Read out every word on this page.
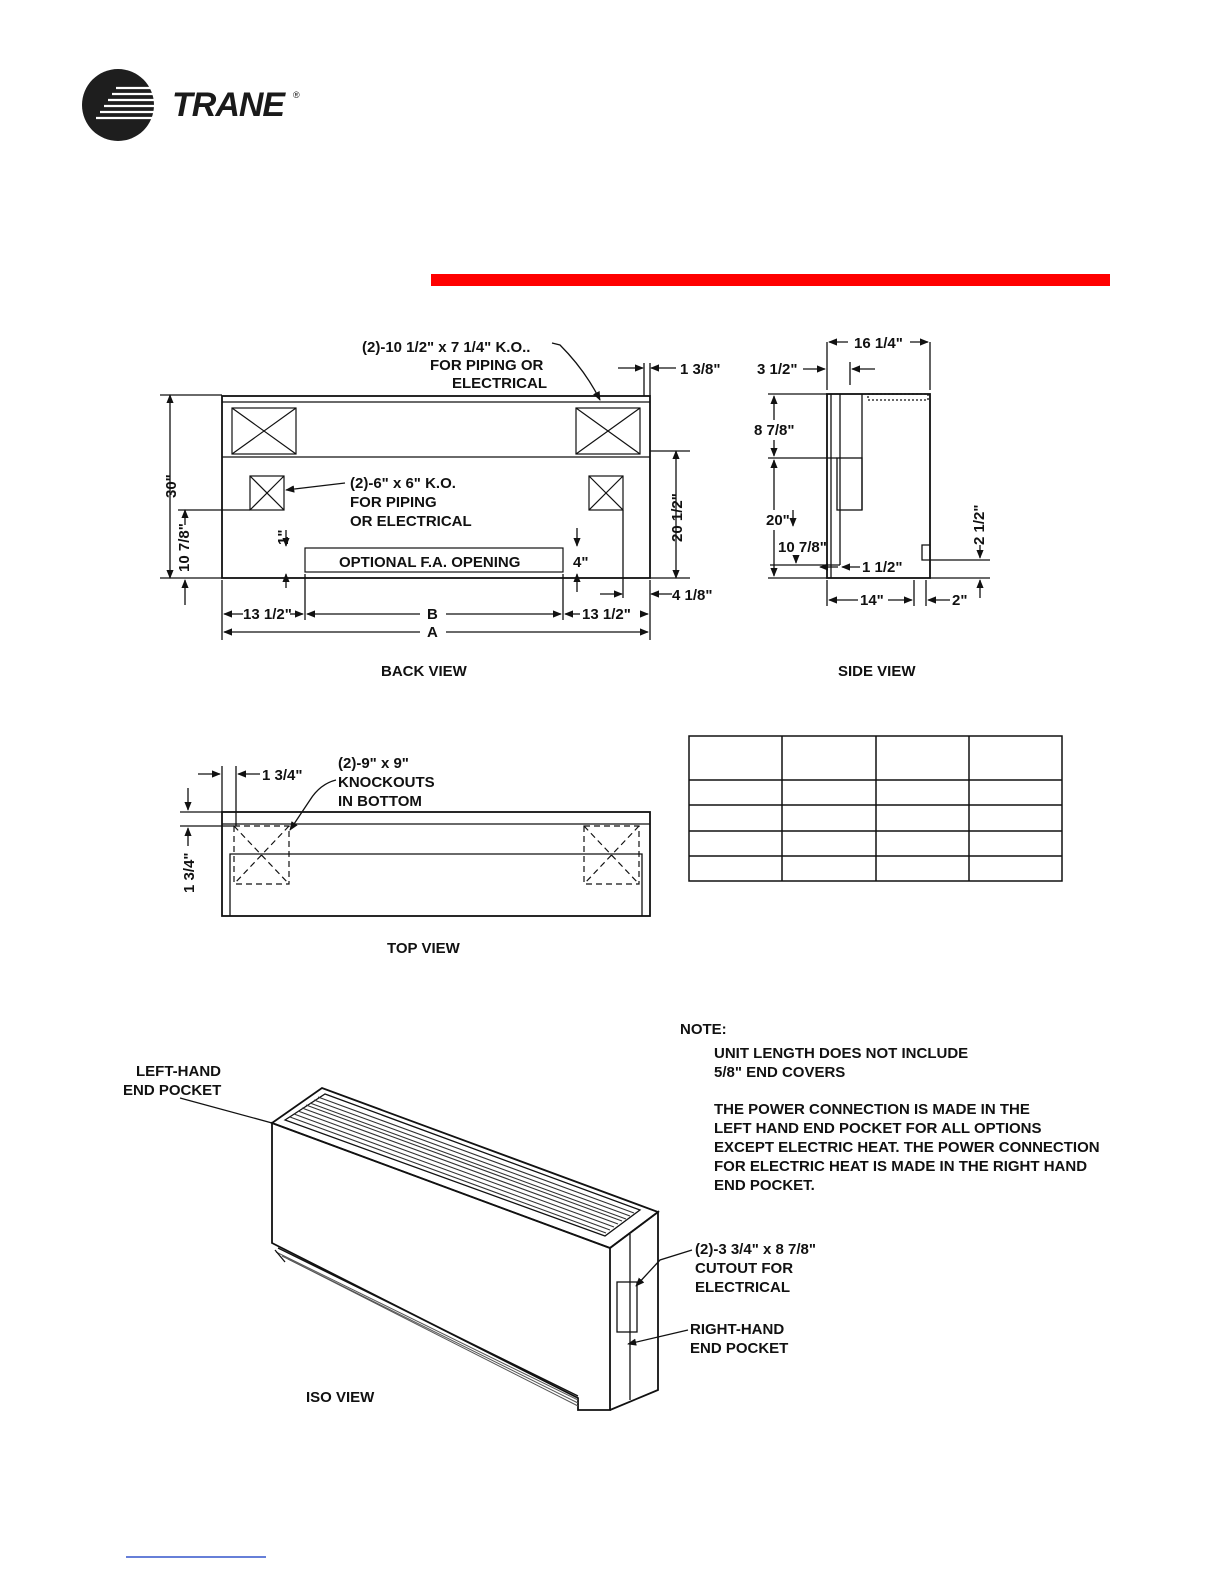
TRANE ®
(2)-10 1/2" x 7 1/4" K.O..
FOR PIPING OR
ELECTRICAL
(2)-6" x 6" K.O.
FOR PIPING
OR ELECTRICAL
OPTIONAL F.A. OPENING
1 3/8"
30"
10 7/8"	1"
4"
20 1/2"
4 1/8"
13 1/2"	13 1/2"
B
A
BACK VIEW
16 1/4"
3 1/2"
8 7/8"
20"
10 7/8"
1 1/2"
2 1/2"
14"	2"
SIDE VIEW
1 3/4"
1 3/4"
(2)-9" x 9"
KNOCKOUTS
IN BOTTOM
TOP VIEW
LEFT-HAND
END POCKET
(2)-3 3/4" x 8 7/8"
CUTOUT FOR
ELECTRICAL
RIGHT-HAND
END POCKET
ISO VIEW
NOTE:
UNIT LENGTH DOES NOT INCLUDE
5/8" END COVERS
THE POWER CONNECTION IS MADE IN THE
LEFT HAND END POCKET FOR ALL OPTIONS
EXCEPT ELECTRIC HEAT. THE POWER CONNECTION
FOR ELECTRIC HEAT IS MADE IN THE RIGHT HAND
END POCKET.
